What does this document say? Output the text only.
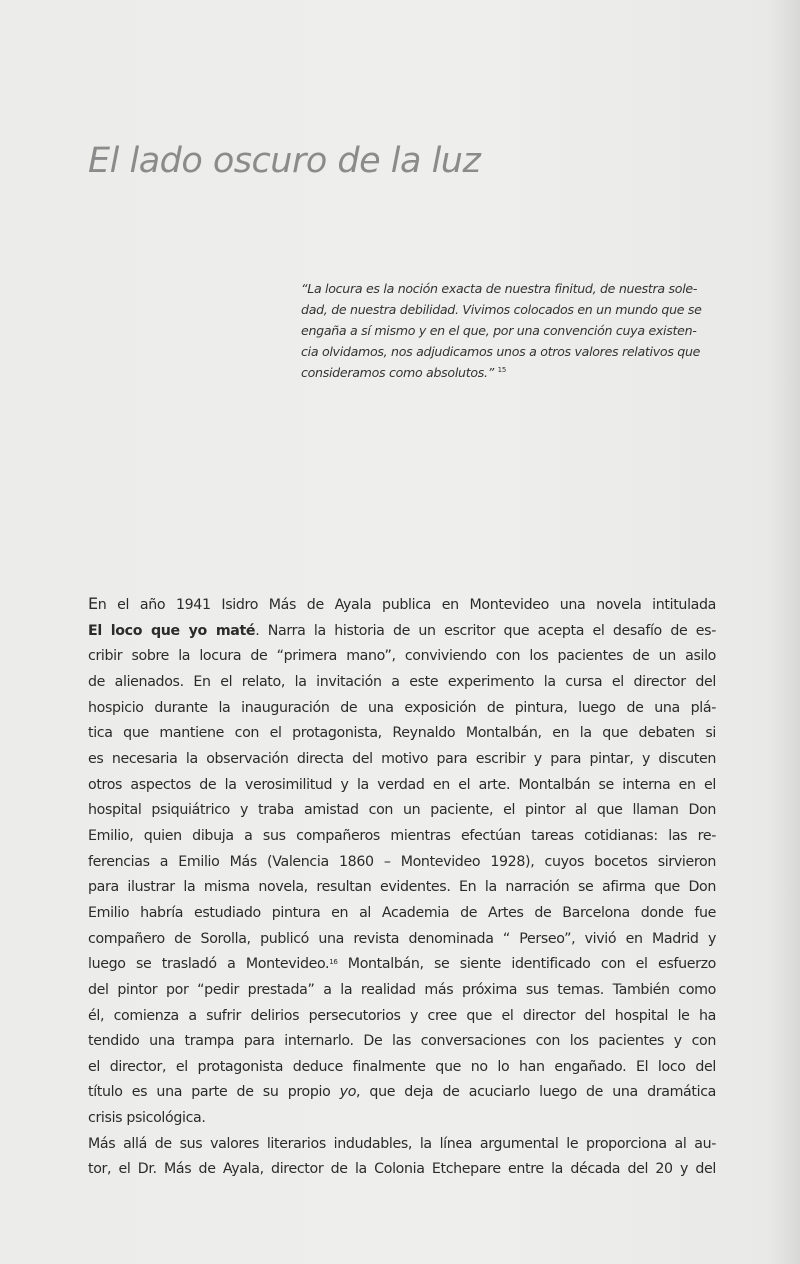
El lado oscuro de la luz

“La locura es la noción exacta de nuestra finitud, de nuestra sole-
dad, de nuestra debilidad. Vivimos colocados en un mundo que se
engaña a sí mismo y en el que, por una convención cuya existen-
cia olvidamos, nos adjudicamos unos a otros valores relativos que
consideramos como absolutos.” $^{15}$

En el año 1941 Isidro Más de Ayala publica en Montevideo una novela intitulada
El loco que yo maté. Narra la historia de un escritor que acepta el desafío de es-
cribir sobre la locura de “primera mano”, conviviendo con los pacientes de un asilo
de alienados. En el relato, la invitación a este experimento la cursa el director del
hospicio durante la inauguración de una exposición de pintura, luego de una plá-
tica que mantiene con el protagonista, Reynaldo Montalbán, en la que debaten si
es necesaria la observación directa del motivo para escribir y para pintar, y discuten
otros aspectos de la verosimilitud y la verdad en el arte. Montalbán se interna en el
hospital psiquiátrico y traba amistad con un paciente, el pintor al que llaman Don
Emilio, quien dibuja a sus compañeros mientras efectúan tareas cotidianas: las re-
ferencias a Emilio Más (Valencia 1860 – Montevideo 1928), cuyos bocetos sirvieron
para ilustrar la misma novela, resultan evidentes. En la narración se afirma que Don
Emilio habría estudiado pintura en al Academia de Artes de Barcelona donde fue
compañero de Sorolla, publicó una revista denominada “ Perseo”, vivió en Madrid y
luego se trasladó a Montevideo.$^{16}$ Montalbán, se siente identificado con el esfuerzo
del pintor por “pedir prestada” a la realidad más próxima sus temas. También como
él, comienza a sufrir delirios persecutorios y cree que el director del hospital le ha
tendido una trampa para internarlo. De las conversaciones con los pacientes y con
el director, el protagonista deduce finalmente que no lo han engañado. El loco del
título es una parte de su propio yo, que deja de acuciarlo luego de una dramática
crisis psicológica.
Más allá de sus valores literarios indudables, la línea argumental le proporciona al au-
tor, el Dr. Más de Ayala, director de la Colonia Etchepare entre la década del 20 y del
